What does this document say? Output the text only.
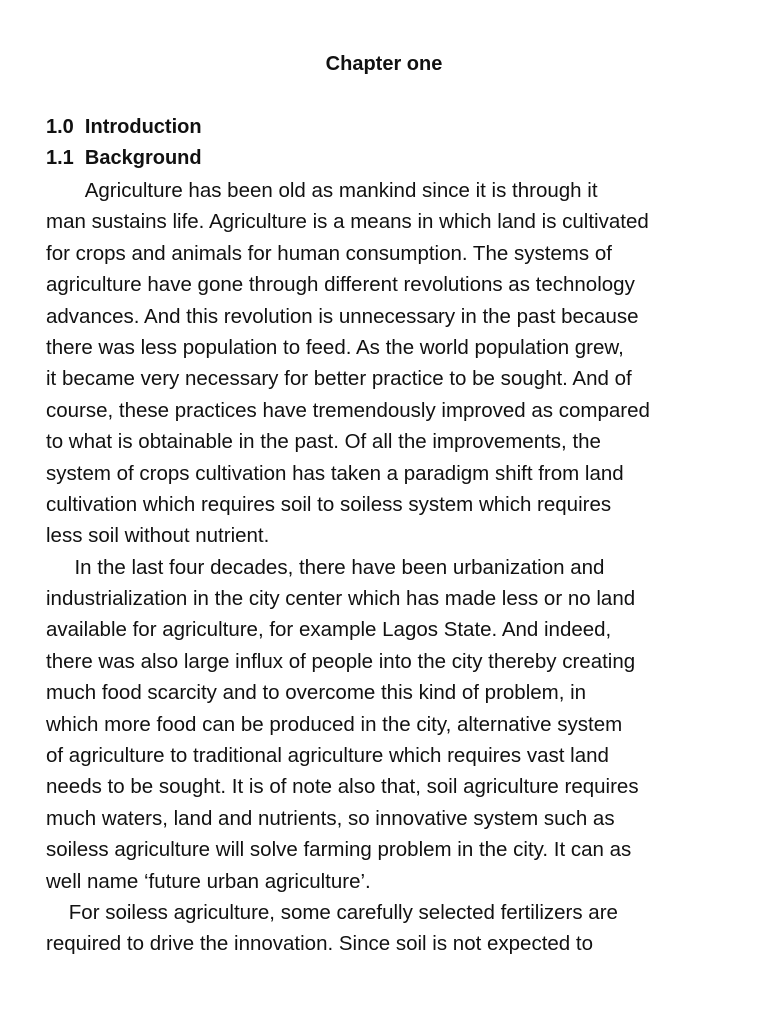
Chapter one
1.0  Introduction
1.1  Background
Agriculture has been old as mankind since it is through it
man sustains life. Agriculture is a means in which land is cultivated
for crops and animals for human consumption. The systems of
agriculture have gone through different revolutions as technology
advances. And this revolution is unnecessary in the past because
there was less population to feed. As the world population grew,
it became very necessary for better practice to be sought. And of
course, these practices have tremendously improved as compared
to what is obtainable in the past. Of all the improvements, the
system of crops cultivation has taken a paradigm shift from land
cultivation which requires soil to soiless system which requires
less soil without nutrient.
In the last four decades, there have been urbanization and
industrialization in the city center which has made less or no land
available for agriculture, for example Lagos State. And indeed,
there was also large influx of people into the city thereby creating
much food scarcity and to overcome this kind of problem, in
which more food can be produced in the city, alternative system
of agriculture to traditional agriculture which requires vast land
needs to be sought. It is of note also that, soil agriculture requires
much waters, land and nutrients, so innovative system such as
soiless agriculture will solve farming problem in the city. It can as
well name ‘future urban agriculture’.
For soiless agriculture, some carefully selected fertilizers are
required to drive the innovation. Since soil is not expected to
